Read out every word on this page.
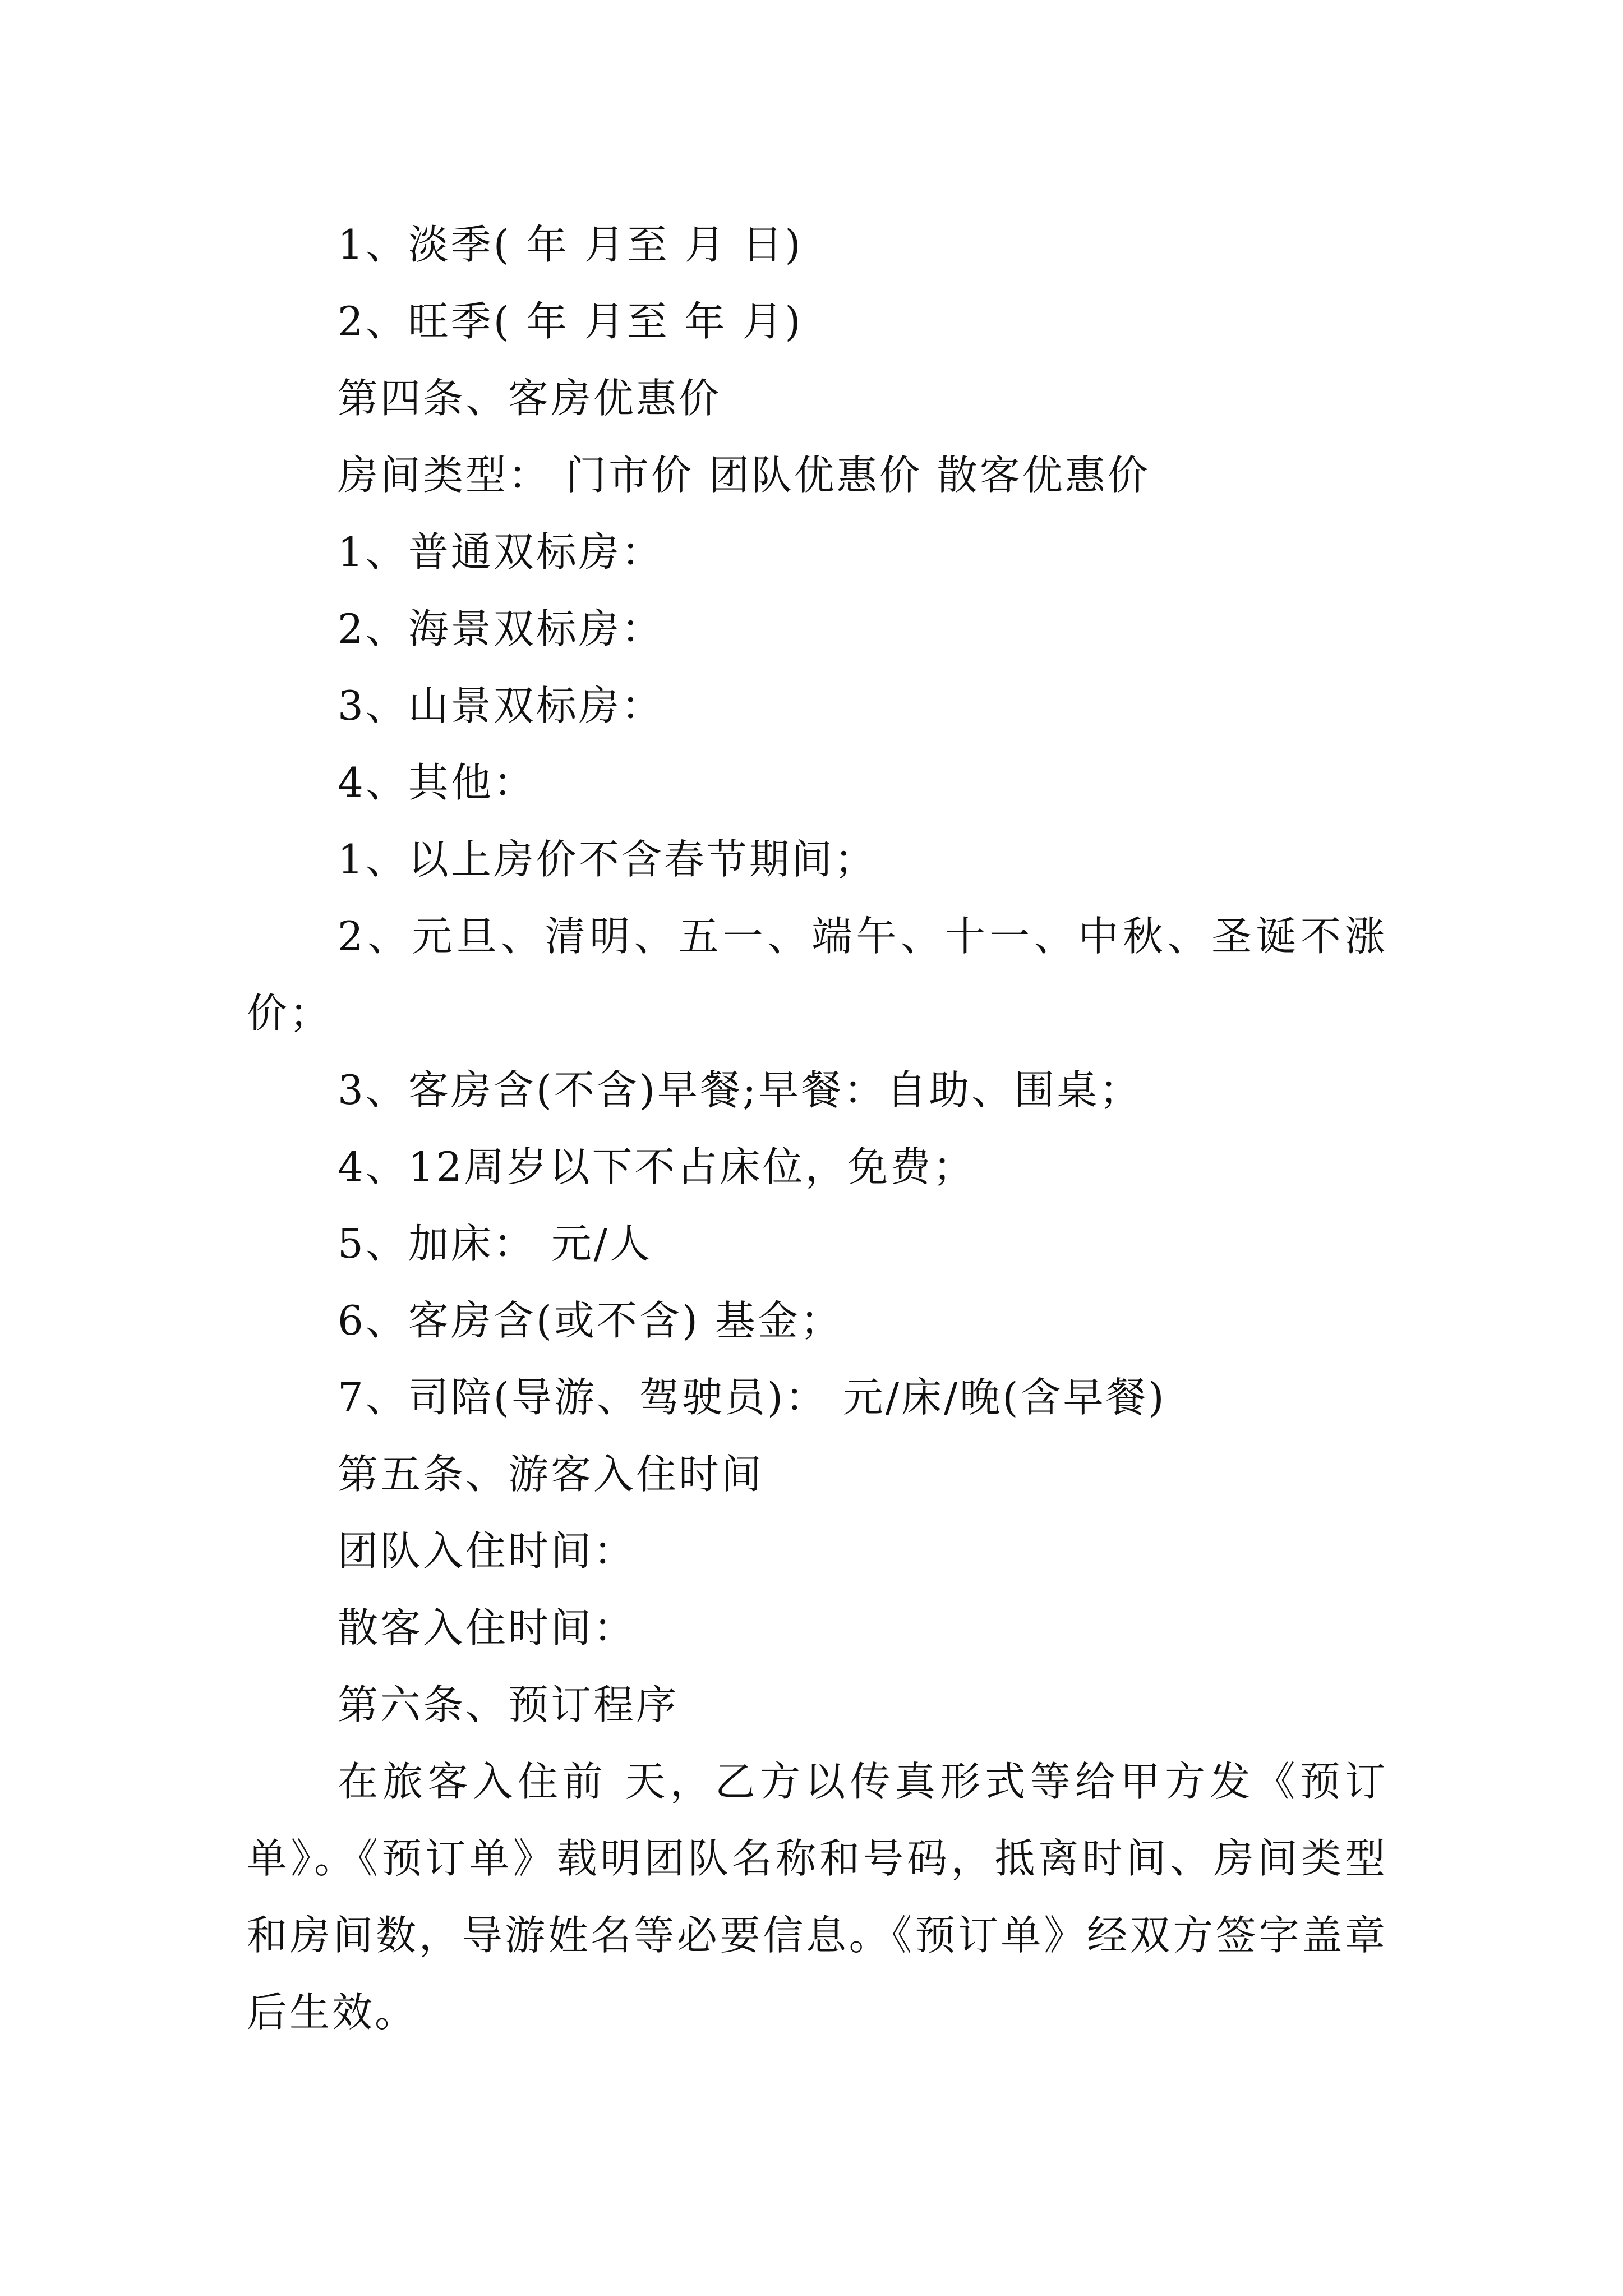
1、淡季( 年 月至 月 日)

2、旺季( 年 月至 年 月)

第四条、客房优惠价

房间类型： 门市价 团队优惠价 散客优惠价

1、普通双标房：

2、海景双标房：

3、山景双标房：

4、其他：

1、以上房价不含春节期间；

2、元旦、清明、五一、端午、十一、中秋、圣诞不涨价；

3、客房含(不含)早餐;早餐：自助、围桌；

4、12周岁以下不占床位，免费；

5、加床： 元/人

6、客房含(或不含) 基金；

7、司陪(导游、驾驶员)： 元/床/晚(含早餐)

第五条、游客入住时间

团队入住时间：

散客入住时间：

第六条、预订程序

在旅客入住前 天，乙方以传真形式等给甲方发《预订单》。《预订单》载明团队名称和号码，抵离时间、房间类型和房间数，导游姓名等必要信息。《预订单》经双方签字盖章后生效。
